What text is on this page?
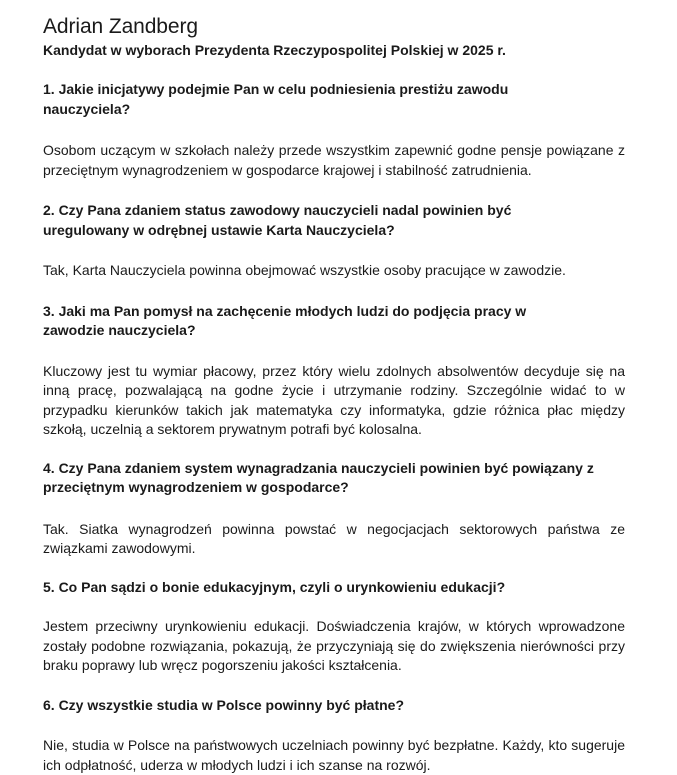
Adrian Zandberg

Kandydat w wyborach Prezydenta Rzeczypospolitej Polskiej w 2025 r.

1. Jakie inicjatywy podejmie Pan w celu podniesienia prestiżu zawodu nauczyciela?

Osobom uczącym w szkołach należy przede wszystkim zapewnić godne pensje powiązane z przeciętnym wynagrodzeniem w gospodarce krajowej i stabilność zatrudnienia.

2. Czy Pana zdaniem status zawodowy nauczycieli nadal powinien być uregulowany w odrębnej ustawie Karta Nauczyciela?

Tak, Karta Nauczyciela powinna obejmować wszystkie osoby pracujące w zawodzie.

3. Jaki ma Pan pomysł na zachęcenie młodych ludzi do podjęcia pracy w zawodzie nauczyciela?

Kluczowy jest tu wymiar płacowy, przez który wielu zdolnych absolwentów decyduje się na inną pracę, pozwalającą na godne życie i utrzymanie rodziny. Szczególnie widać to w przypadku kierunków takich jak matematyka czy informatyka, gdzie różnica płac między szkołą, uczelnią a sektorem prywatnym potrafi być kolosalna.

4. Czy Pana zdaniem system wynagradzania nauczycieli powinien być powiązany z przeciętnym wynagrodzeniem w gospodarce?

Tak. Siatka wynagrodzeń powinna powstać w negocjacjach sektorowych państwa ze związkami zawodowymi.

5. Co Pan sądzi o bonie edukacyjnym, czyli o urynkowieniu edukacji?

Jestem przeciwny urynkowieniu edukacji. Doświadczenia krajów, w których wprowadzone zostały podobne rozwiązania, pokazują, że przyczyniają się do zwiększenia nierówności przy braku poprawy lub wręcz pogorszeniu jakości kształcenia.

6. Czy wszystkie studia w Polsce powinny być płatne?

Nie, studia w Polsce na państwowych uczelniach powinny być bezpłatne. Każdy, kto sugeruje ich odpłatność, uderza w młodych ludzi i ich szanse na rozwój.
